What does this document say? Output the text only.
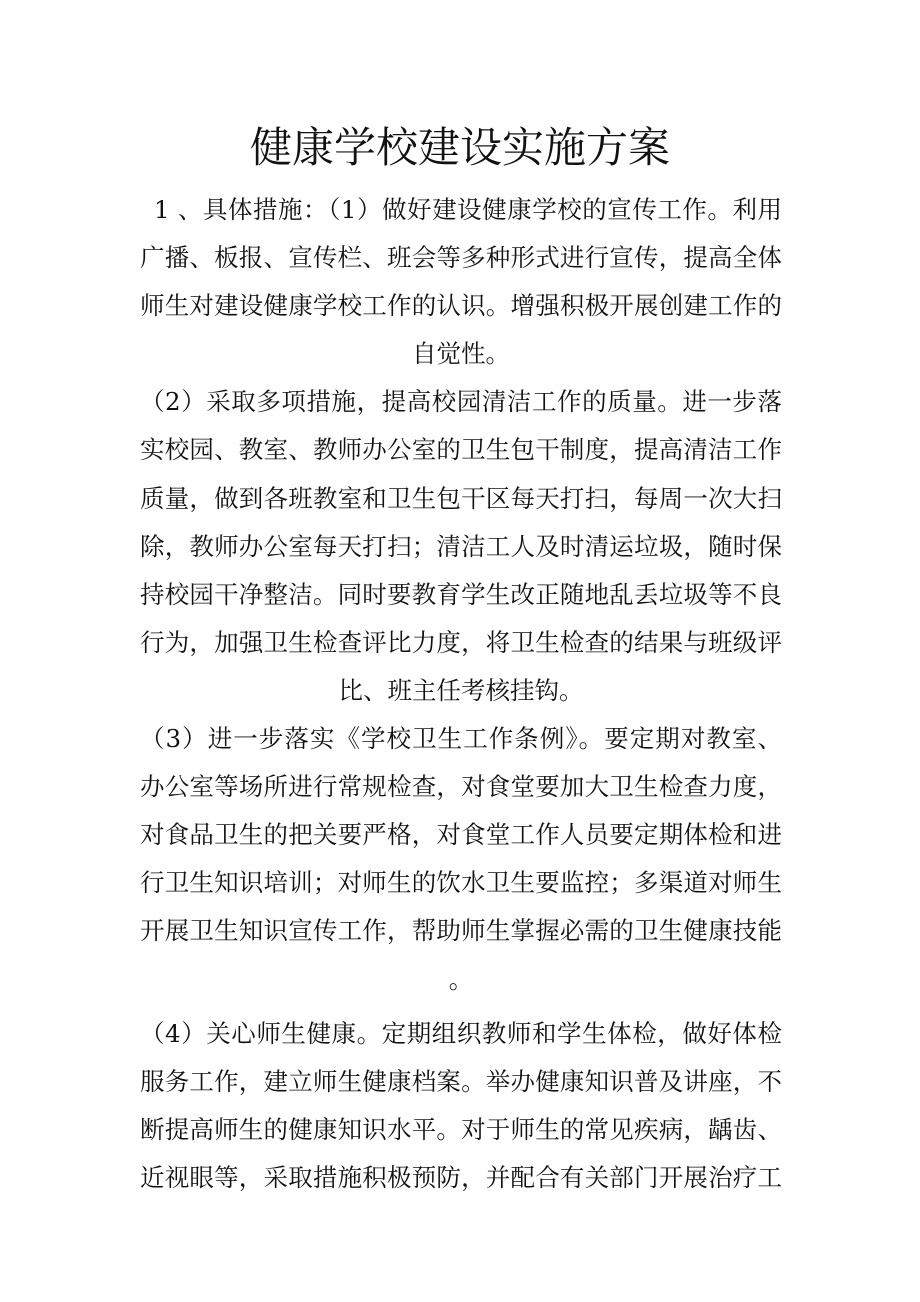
健康学校建设实施方案
1 、具体措施：（1）做好建设健康学校的宣传工作。利用
广播、板报、宣传栏、班会等多种形式进行宣传，提高全体
师生对建设健康学校工作的认识。增强积极开展创建工作的
自觉性。
（2）采取多项措施，提高校园清洁工作的质量。进一步落
实校园、教室、教师办公室的卫生包干制度，提高清洁工作
质量，做到各班教室和卫生包干区每天打扫，每周一次大扫
除，教师办公室每天打扫；清洁工人及时清运垃圾，随时保
持校园干净整洁。同时要教育学生改正随地乱丢垃圾等不良
行为，加强卫生检查评比力度，将卫生检查的结果与班级评
比、班主任考核挂钩。
（3）进一步落实《学校卫生工作条例》。要定期对教室、
办公室等场所进行常规检查，对食堂要加大卫生检查力度，
对食品卫生的把关要严格，对食堂工作人员要定期体检和进
行卫生知识培训；对师生的饮水卫生要监控；多渠道对师生
开展卫生知识宣传工作，帮助师生掌握必需的卫生健康技能
。
（4）关心师生健康。定期组织教师和学生体检，做好体检
服务工作，建立师生健康档案。举办健康知识普及讲座，不
断提高师生的健康知识水平。对于师生的常见疾病，龋齿、
近视眼等，采取措施积极预防，并配合有关部门开展治疗工
